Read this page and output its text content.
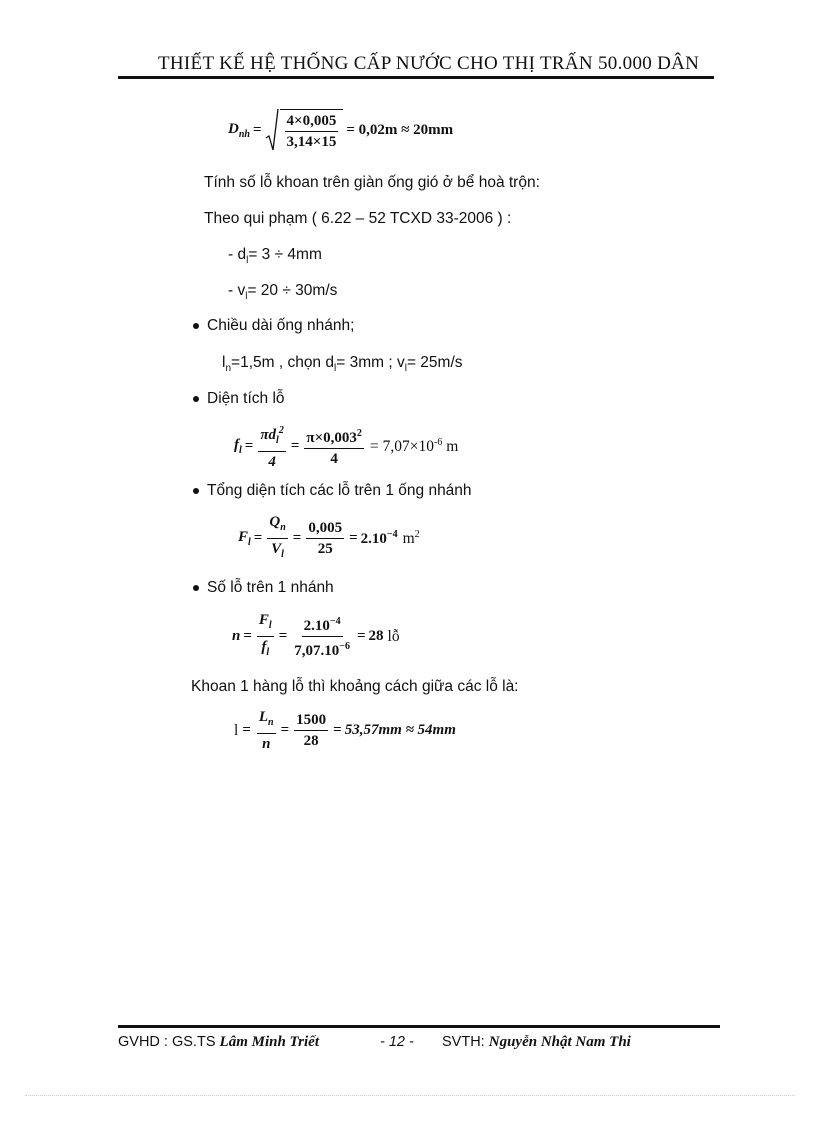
THIẾT KẾ HỆ THỐNG CẤP NƯỚC CHO THỊ TRẤN 50.000 DÂN
$D_{nh} = \frac{4\times 0,005}{3,14\times 15} = 0,02m \approx 20mm$
Tính số lỗ khoan trên giàn ống gió ở bể hoà trộn:
Theo qui phạm ( 6.22 – 52 TCXD 33-2006 ) :
- $d_l= 3 \div 4mm$
- $v_l= 20 \div 30m/s$
Chiều dài ống nhánh;
$l_n=1,5m$ , chọn $d_l= 3mm$ ; $v_l= 25m/s$
Diện tích lỗ
$f_l = \frac{\pi d_l^2}{4} = \frac{\pi\times 0,003^2}{4} = 7,07\times 10^{-6}$ m
Tổng diện tích các lỗ trên 1 ống nhánh
$F_l = \frac{Q_n}{V_l} = \frac{0,005}{25} = 2.10^{-4}$ $m^2$
Số lỗ trên 1 nhánh
$n = \frac{F_l}{f_l} = \frac{2.10^{-4}}{7,07.10^{-6}} = 28$ lỗ
Khoan 1 hàng lỗ thì khoảng cách giữa các lỗ là:
$l = \frac{L_n}{n} = \frac{1500}{28} = 53,57mm \approx 54mm$
GVHD : GS.TS Lâm Minh Triết	- 12 - SVTH: Nguyễn Nhật Nam Thi
